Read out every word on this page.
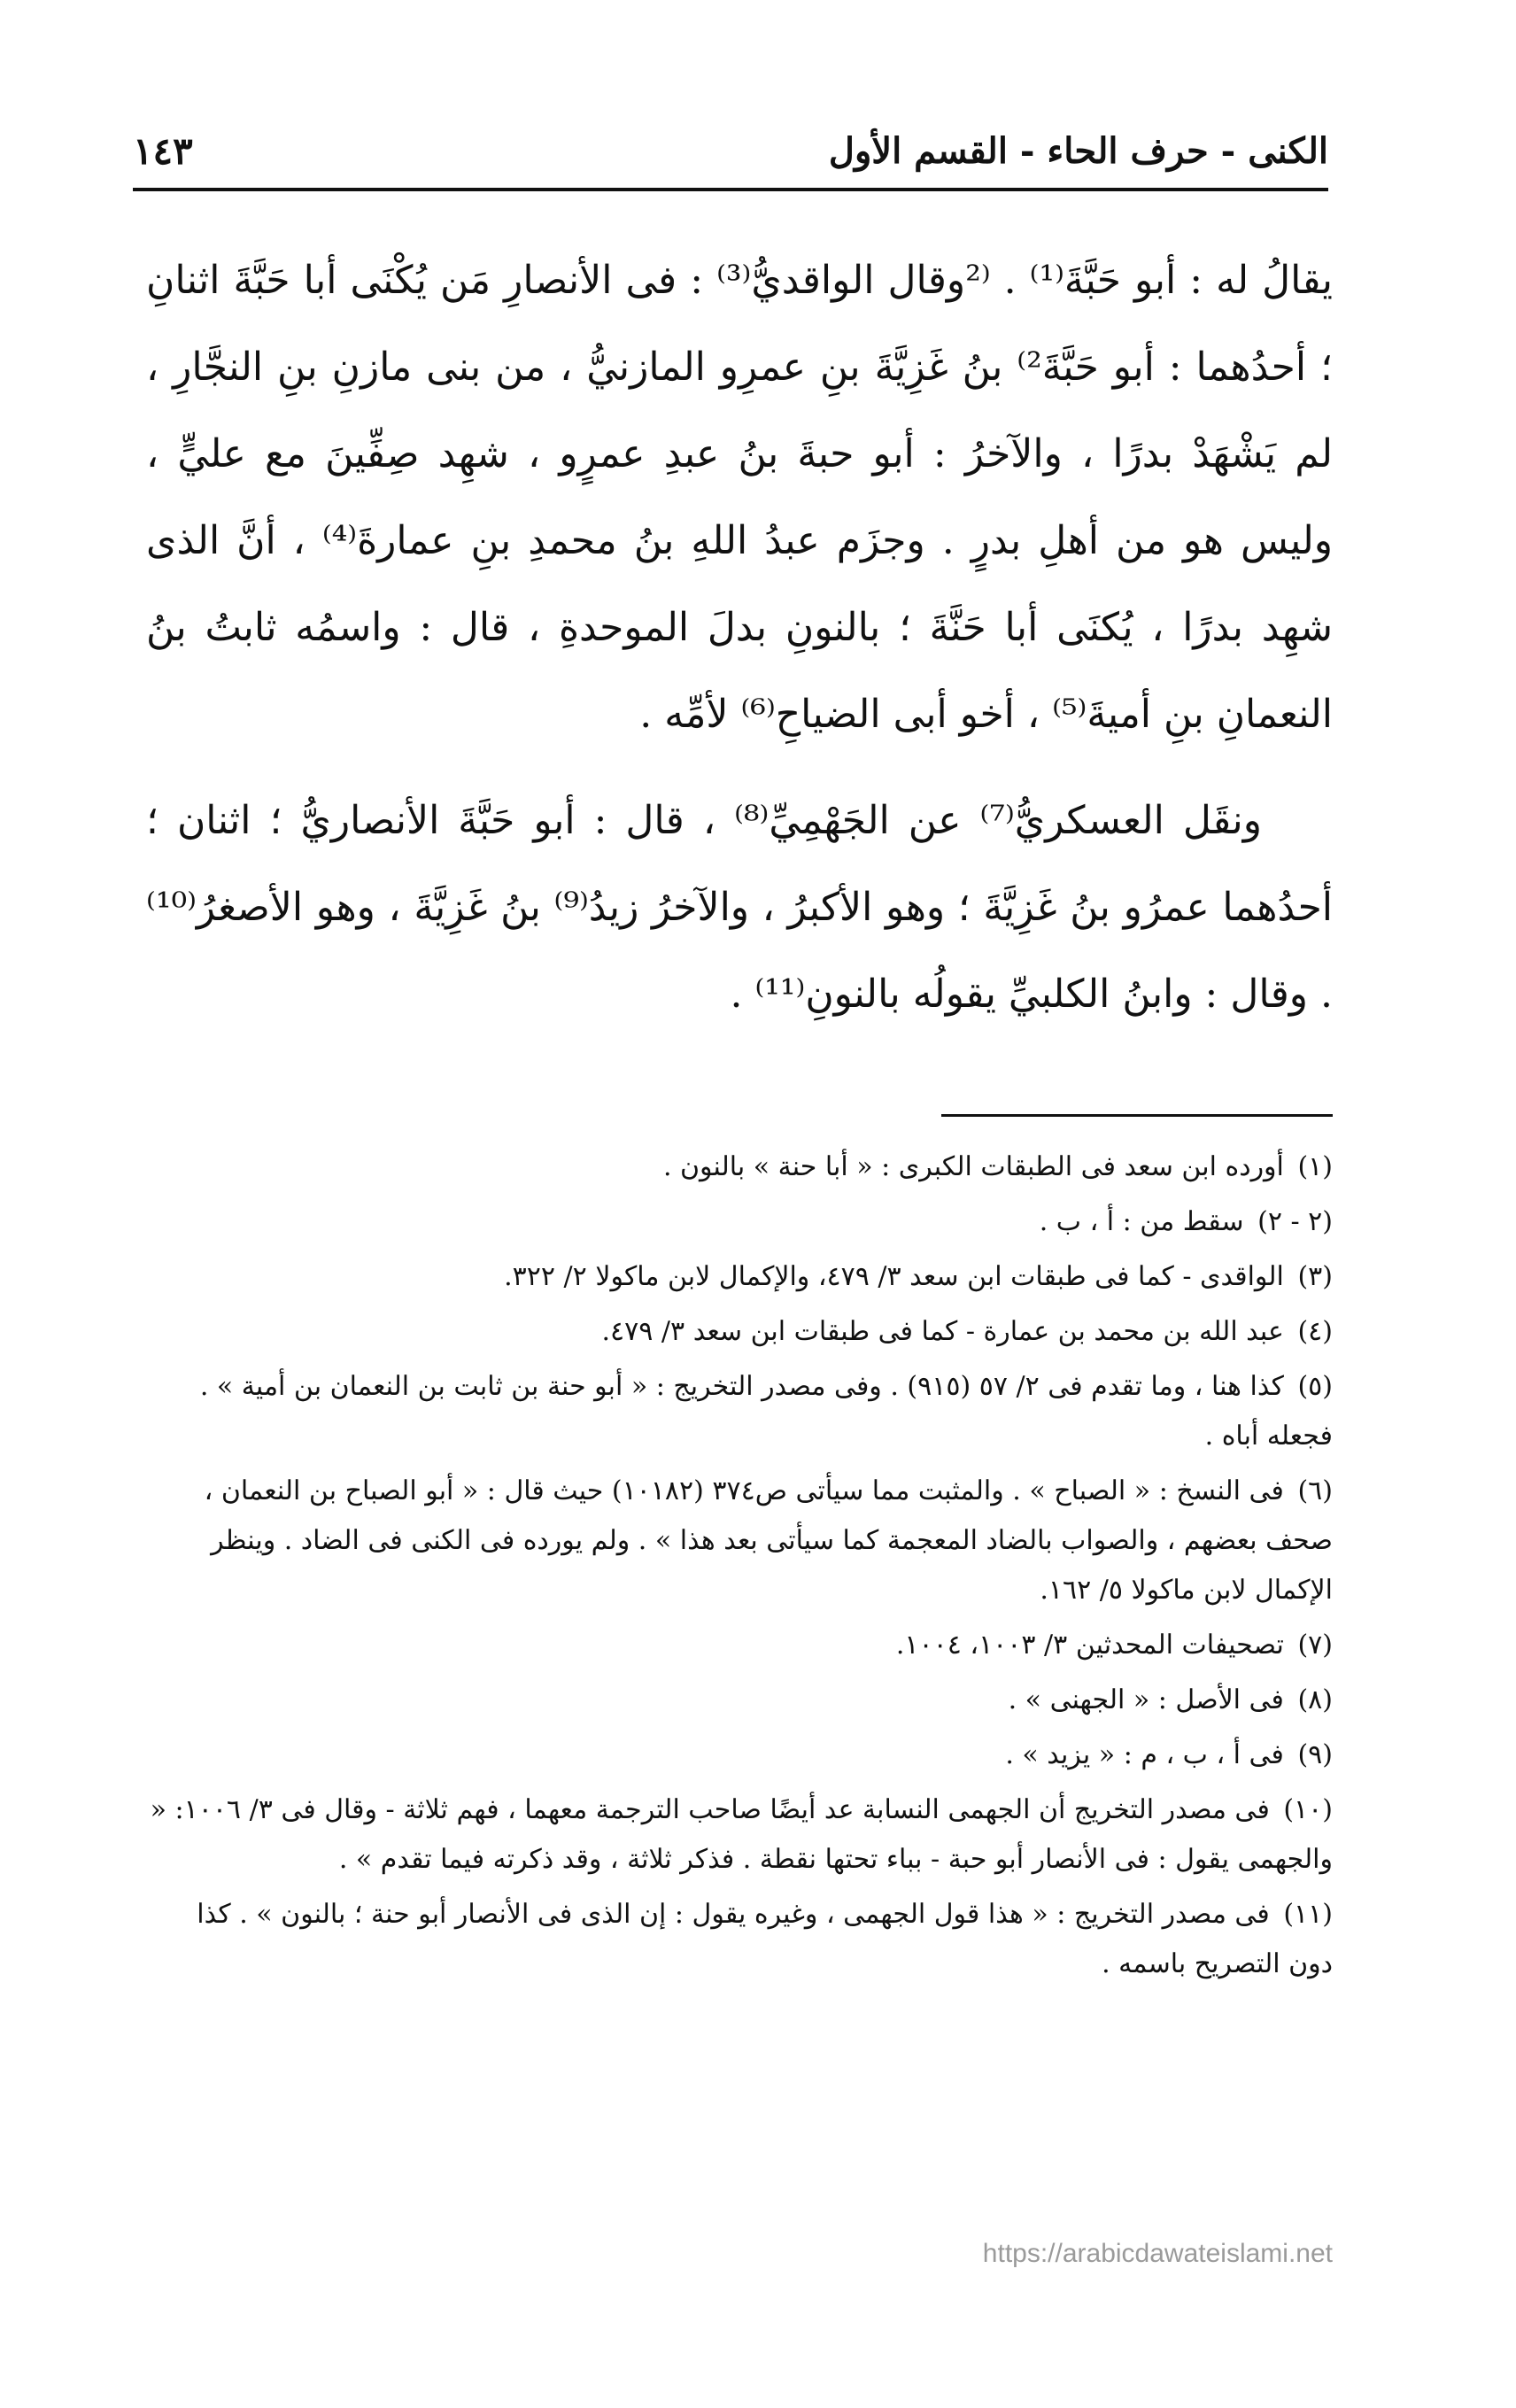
١٤٣	الكنى - حرف الحاء - القسم الأول

يقالُ له : أبو حَبَّةَ⁽¹⁾ . ⁽²وقال الواقديُّ⁽³⁾ : فى الأنصارِ مَن يُكْنَى أبا حَبَّةَ اثنانِ ؛ أحدُهما : أبو حَبَّةَ²⁾ بنُ غَزِيَّةَ بنِ عمرِو المازنيُّ ، من بنى مازنِ بنِ النجَّارِ ، لم يَشْهَدْ بدرًا ، والآخرُ : أبو حبةَ بنُ عبدِ عمرٍو ، شهِد صِفِّينَ مع عليٍّ ، وليس هو من أهلِ بدرٍ . وجزَم عبدُ اللهِ بنُ محمدِ بنِ عمارةَ⁽⁴⁾ ، أنَّ الذى شهِد بدرًا ، يُكنَى أبا حَنَّةَ ؛ بالنونِ بدلَ الموحدةِ ، قال : واسمُه ثابتُ بنُ النعمانِ بنِ أميةَ⁽⁵⁾ ، أخو أبى الضياحِ⁽⁶⁾ لأمِّه .

ونقَل العسكريُّ⁽⁷⁾ عن الجَهْمِيِّ⁽⁸⁾ ، قال : أبو حَبَّةَ الأنصاريُّ ؛ اثنان ؛ أحدُهما عمرُو بنُ غَزِيَّةَ ؛ وهو الأكبرُ ، والآخرُ زيدُ⁽⁹⁾ بنُ غَزِيَّةَ ، وهو الأصغرُ⁽¹⁰⁾ . وقال : وابنُ الكلبيِّ يقولُه بالنونِ⁽¹¹⁾ .

(١) أورده ابن سعد فى الطبقات الكبرى : « أبا حنة » بالنون .

(٢ - ٢) سقط من : أ ، ب .

(٣) الواقدى - كما فى طبقات ابن سعد ٣/ ٤٧٩، والإكمال لابن ماكولا ٢/ ٣٢٢.

(٤) عبد الله بن محمد بن عمارة - كما فى طبقات ابن سعد ٣/ ٤٧٩.

(٥) كذا هنا ، وما تقدم فى ٢/ ٥٧ (٩١٥) . وفى مصدر التخريج : « أبو حنة بن ثابت بن النعمان بن أمية » . فجعله أباه .

(٦) فى النسخ : « الصباح » . والمثبت مما سيأتى ص٣٧٤ (١٠١٨٢) حيث قال : « أبو الصباح بن النعمان ، صحف بعضهم ، والصواب بالضاد المعجمة كما سيأتى بعد هذا » . ولم يورده فى الكنى فى الضاد . وينظر الإكمال لابن ماكولا ٥/ ١٦٢.

(٧) تصحيفات المحدثين ٣/ ١٠٠٣، ١٠٠٤.

(٨) فى الأصل : « الجهنى » .

(٩) فى أ ، ب ، م : « يزيد » .

(١٠) فى مصدر التخريج أن الجهمى النسابة عد أيضًا صاحب الترجمة معهما ، فهم ثلاثة - وقال فى ٣/ ١٠٠٦: « والجهمى يقول : فى الأنصار أبو حبة - بباء تحتها نقطة . فذكر ثلاثة ، وقد ذكرته فيما تقدم » .

(١١) فى مصدر التخريج : « هذا قول الجهمى ، وغيره يقول : إن الذى فى الأنصار أبو حنة ؛ بالنون » . كذا دون التصريح باسمه .

https://arabicdawateislami.net
